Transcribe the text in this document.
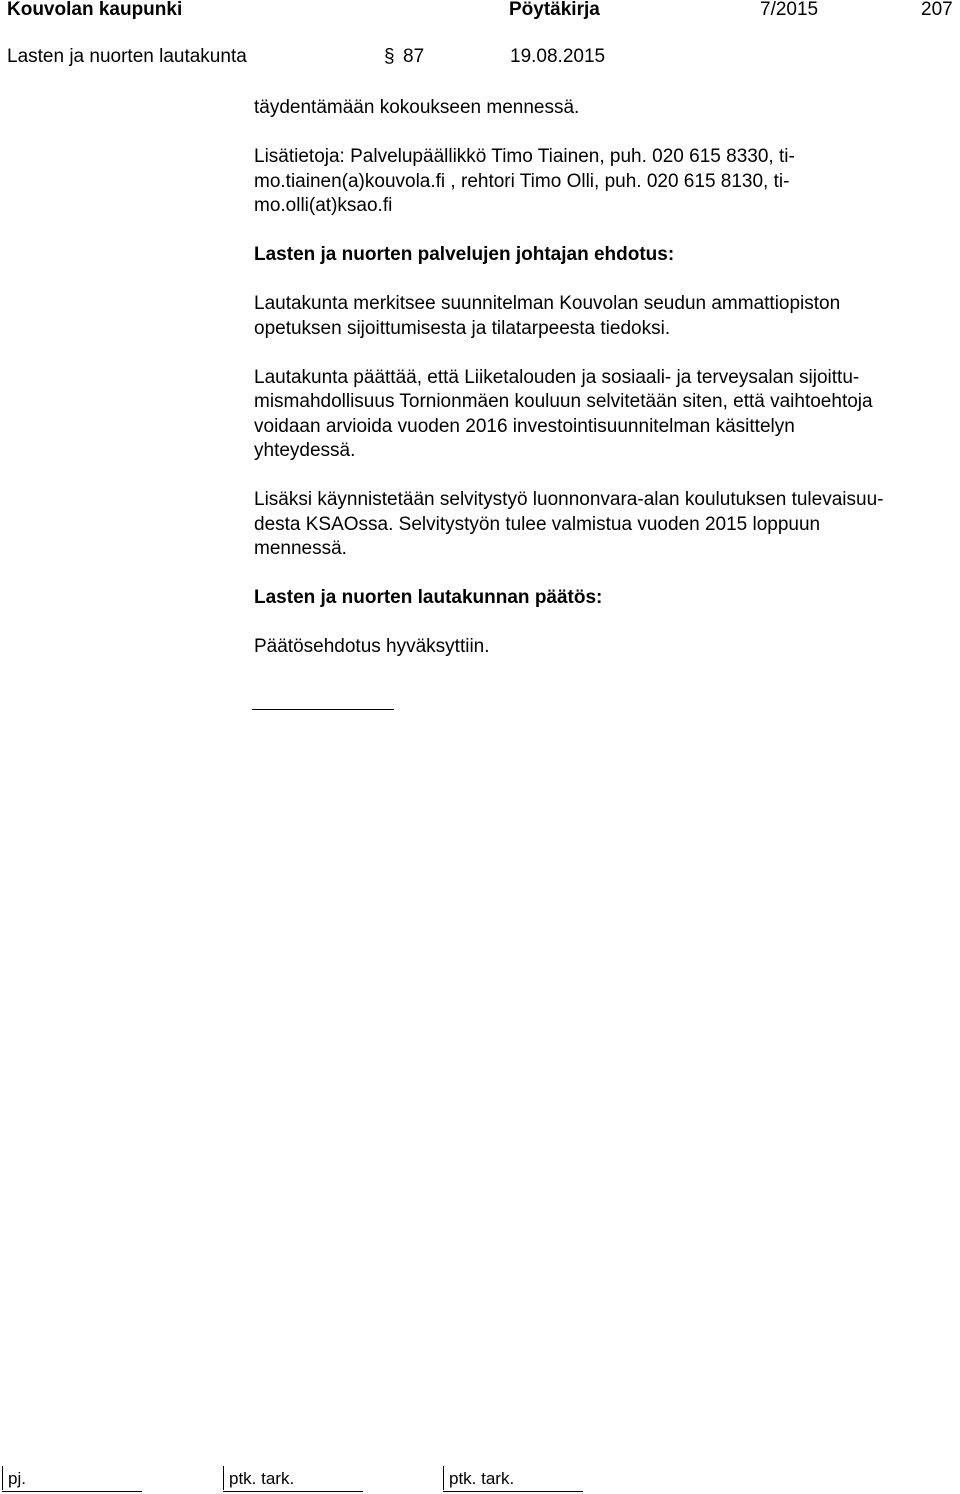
Kouvolan kaupunki	Pöytäkirja	7/2015	207
Lasten ja nuorten lautakunta	§ 87	19.08.2015

täydentämään kokoukseen mennessä.

Lisätietoja: Palvelupäällikkö Timo Tiainen, puh. 020 615 8330, ti-
mo.tiainen(a)kouvola.fi , rehtori Timo Olli, puh. 020 615 8130, ti-
mo.olli(at)ksao.fi

Lasten ja nuorten palvelujen johtajan ehdotus:

Lautakunta merkitsee suunnitelman Kouvolan seudun ammattiopiston
opetuksen sijoittumisesta ja tilatarpeesta tiedoksi.

Lautakunta päättää, että Liiketalouden ja sosiaali- ja terveysalan sijoittu-
mismahdollisuus Tornionmäen kouluun selvitetään siten, että vaihtoehtoja
voidaan arvioida vuoden 2016 investointisuunnitelman käsittelyn
yhteydessä.

Lisäksi käynnistetään selvitystyö luonnonvara-alan koulutuksen tulevaisuu-
desta KSAOssa. Selvitystyön tulee valmistua vuoden 2015 loppuun
mennessä.

Lasten ja nuorten lautakunnan päätös:

Päätösehdotus hyväksyttiin.

pj.	ptk. tark.	ptk. tark.
